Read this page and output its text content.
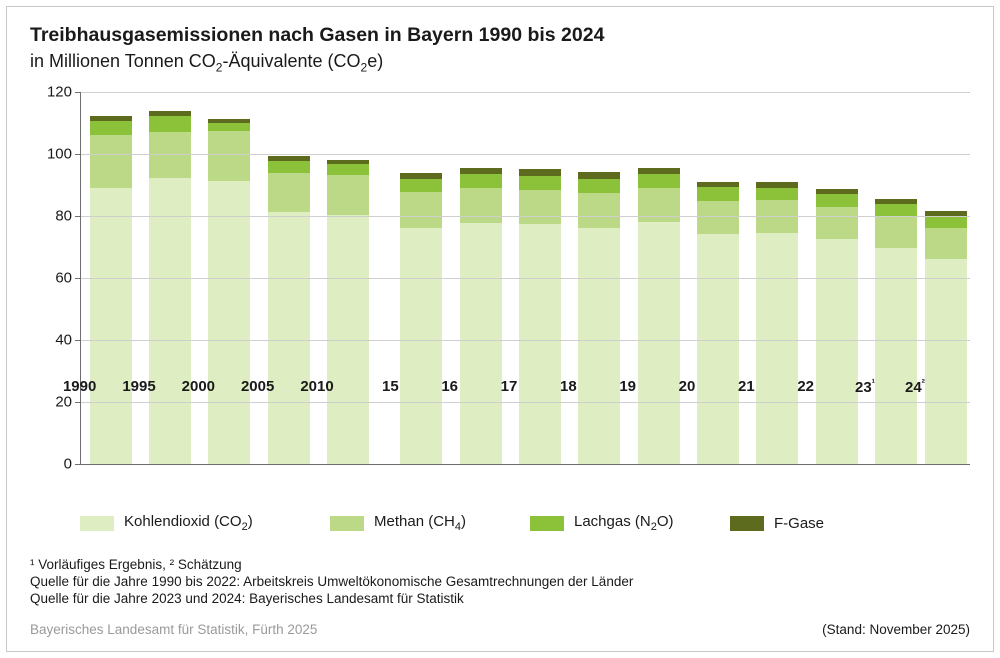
Treibhausgasemissionen nach Gasen in Bayern 1990 bis 2024
in Millionen Tonnen $CO_2$-Äquivalente $(CO_2e)$
0
20
40
60
80
100
120
1990 1995 2000 2005 2010	15	16	17	18	19	20	21	22	$23^{^1}$ $24^{^2}$
Kohlendioxid $(CO_2)$	Methan $(CH_4)$	Lachgas $(N_2O)$	F-Gase
¹ Vorläufiges Ergebnis, ² Schätzung
Quelle für die Jahre 1990 bis 2022: Arbeitskreis Umweltökonomische Gesamtrechnungen der Länder
Quelle für die Jahre 2023 und 2024: Bayerisches Landesamt für Statistik
Bayerisches Landesamt für Statistik, Fürth 2025	(Stand: November 2025)
